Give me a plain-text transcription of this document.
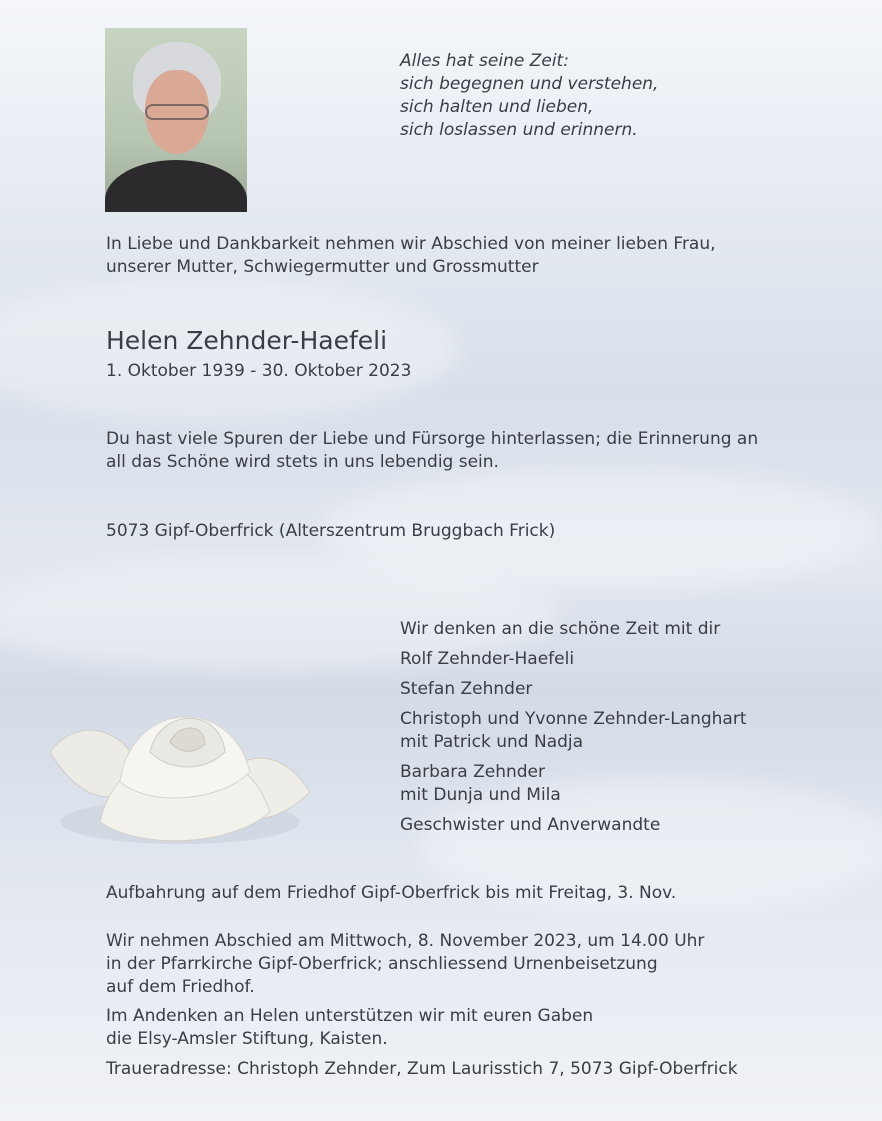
Alles hat seine Zeit:
sich begegnen und verstehen,
sich halten und lieben,
sich loslassen und erinnern.

In Liebe und Dankbarkeit nehmen wir Abschied von meiner lieben Frau,
unserer Mutter, Schwiegermutter und Grossmutter

Helen Zehnder-Haefeli

1. Oktober 1939 - 30. Oktober 2023

Du hast viele Spuren der Liebe und Fürsorge hinterlassen; die Erinnerung an
all das Schöne wird stets in uns lebendig sein.

5073 Gipf-Oberfrick (Alterszentrum Bruggbach Frick)

Wir denken an die schöne Zeit mit dir
Rolf Zehnder-Haefeli
Stefan Zehnder
Christoph und Yvonne Zehnder-Langhart
mit Patrick und Nadja
Barbara Zehnder
mit Dunja und Mila
Geschwister und Anverwandte

Aufbahrung auf dem Friedhof Gipf-Oberfrick bis mit Freitag, 3. Nov.

Wir nehmen Abschied am Mittwoch, 8. November 2023, um 14.00 Uhr
in der Pfarrkirche Gipf-Oberfrick; anschliessend Urnenbeisetzung
auf dem Friedhof.

Im Andenken an Helen unterstützen wir mit euren Gaben
die Elsy-Amsler Stiftung, Kaisten.

Traueradresse: Christoph Zehnder, Zum Laurisstich 7, 5073 Gipf-Oberfrick
